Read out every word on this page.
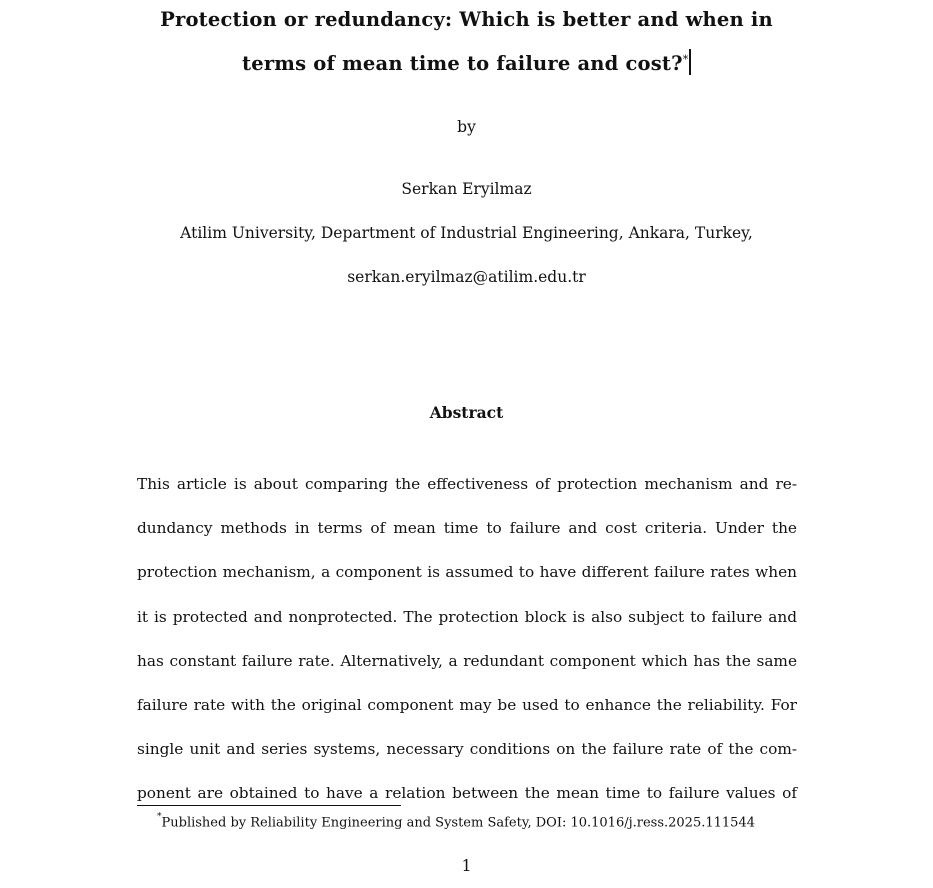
Protection or redundancy: Which is better and when in
terms of mean time to failure and cost?*
by
Serkan Eryilmaz
Atilim University, Department of Industrial Engineering, Ankara, Turkey,
serkan.eryilmaz@atilim.edu.tr
Abstract
This article is about comparing the effectiveness of protection mechanism and re-
dundancy methods in terms of mean time to failure and cost criteria. Under the
protection mechanism, a component is assumed to have different failure rates when
it is protected and nonprotected. The protection block is also subject to failure and
has constant failure rate. Alternatively, a redundant component which has the same
failure rate with the original component may be used to enhance the reliability. For
single unit and series systems, necessary conditions on the failure rate of the com-
ponent are obtained to have a relation between the mean time to failure values of
*Published by Reliability Engineering and System Safety, DOI: 10.1016/j.ress.2025.111544
1
